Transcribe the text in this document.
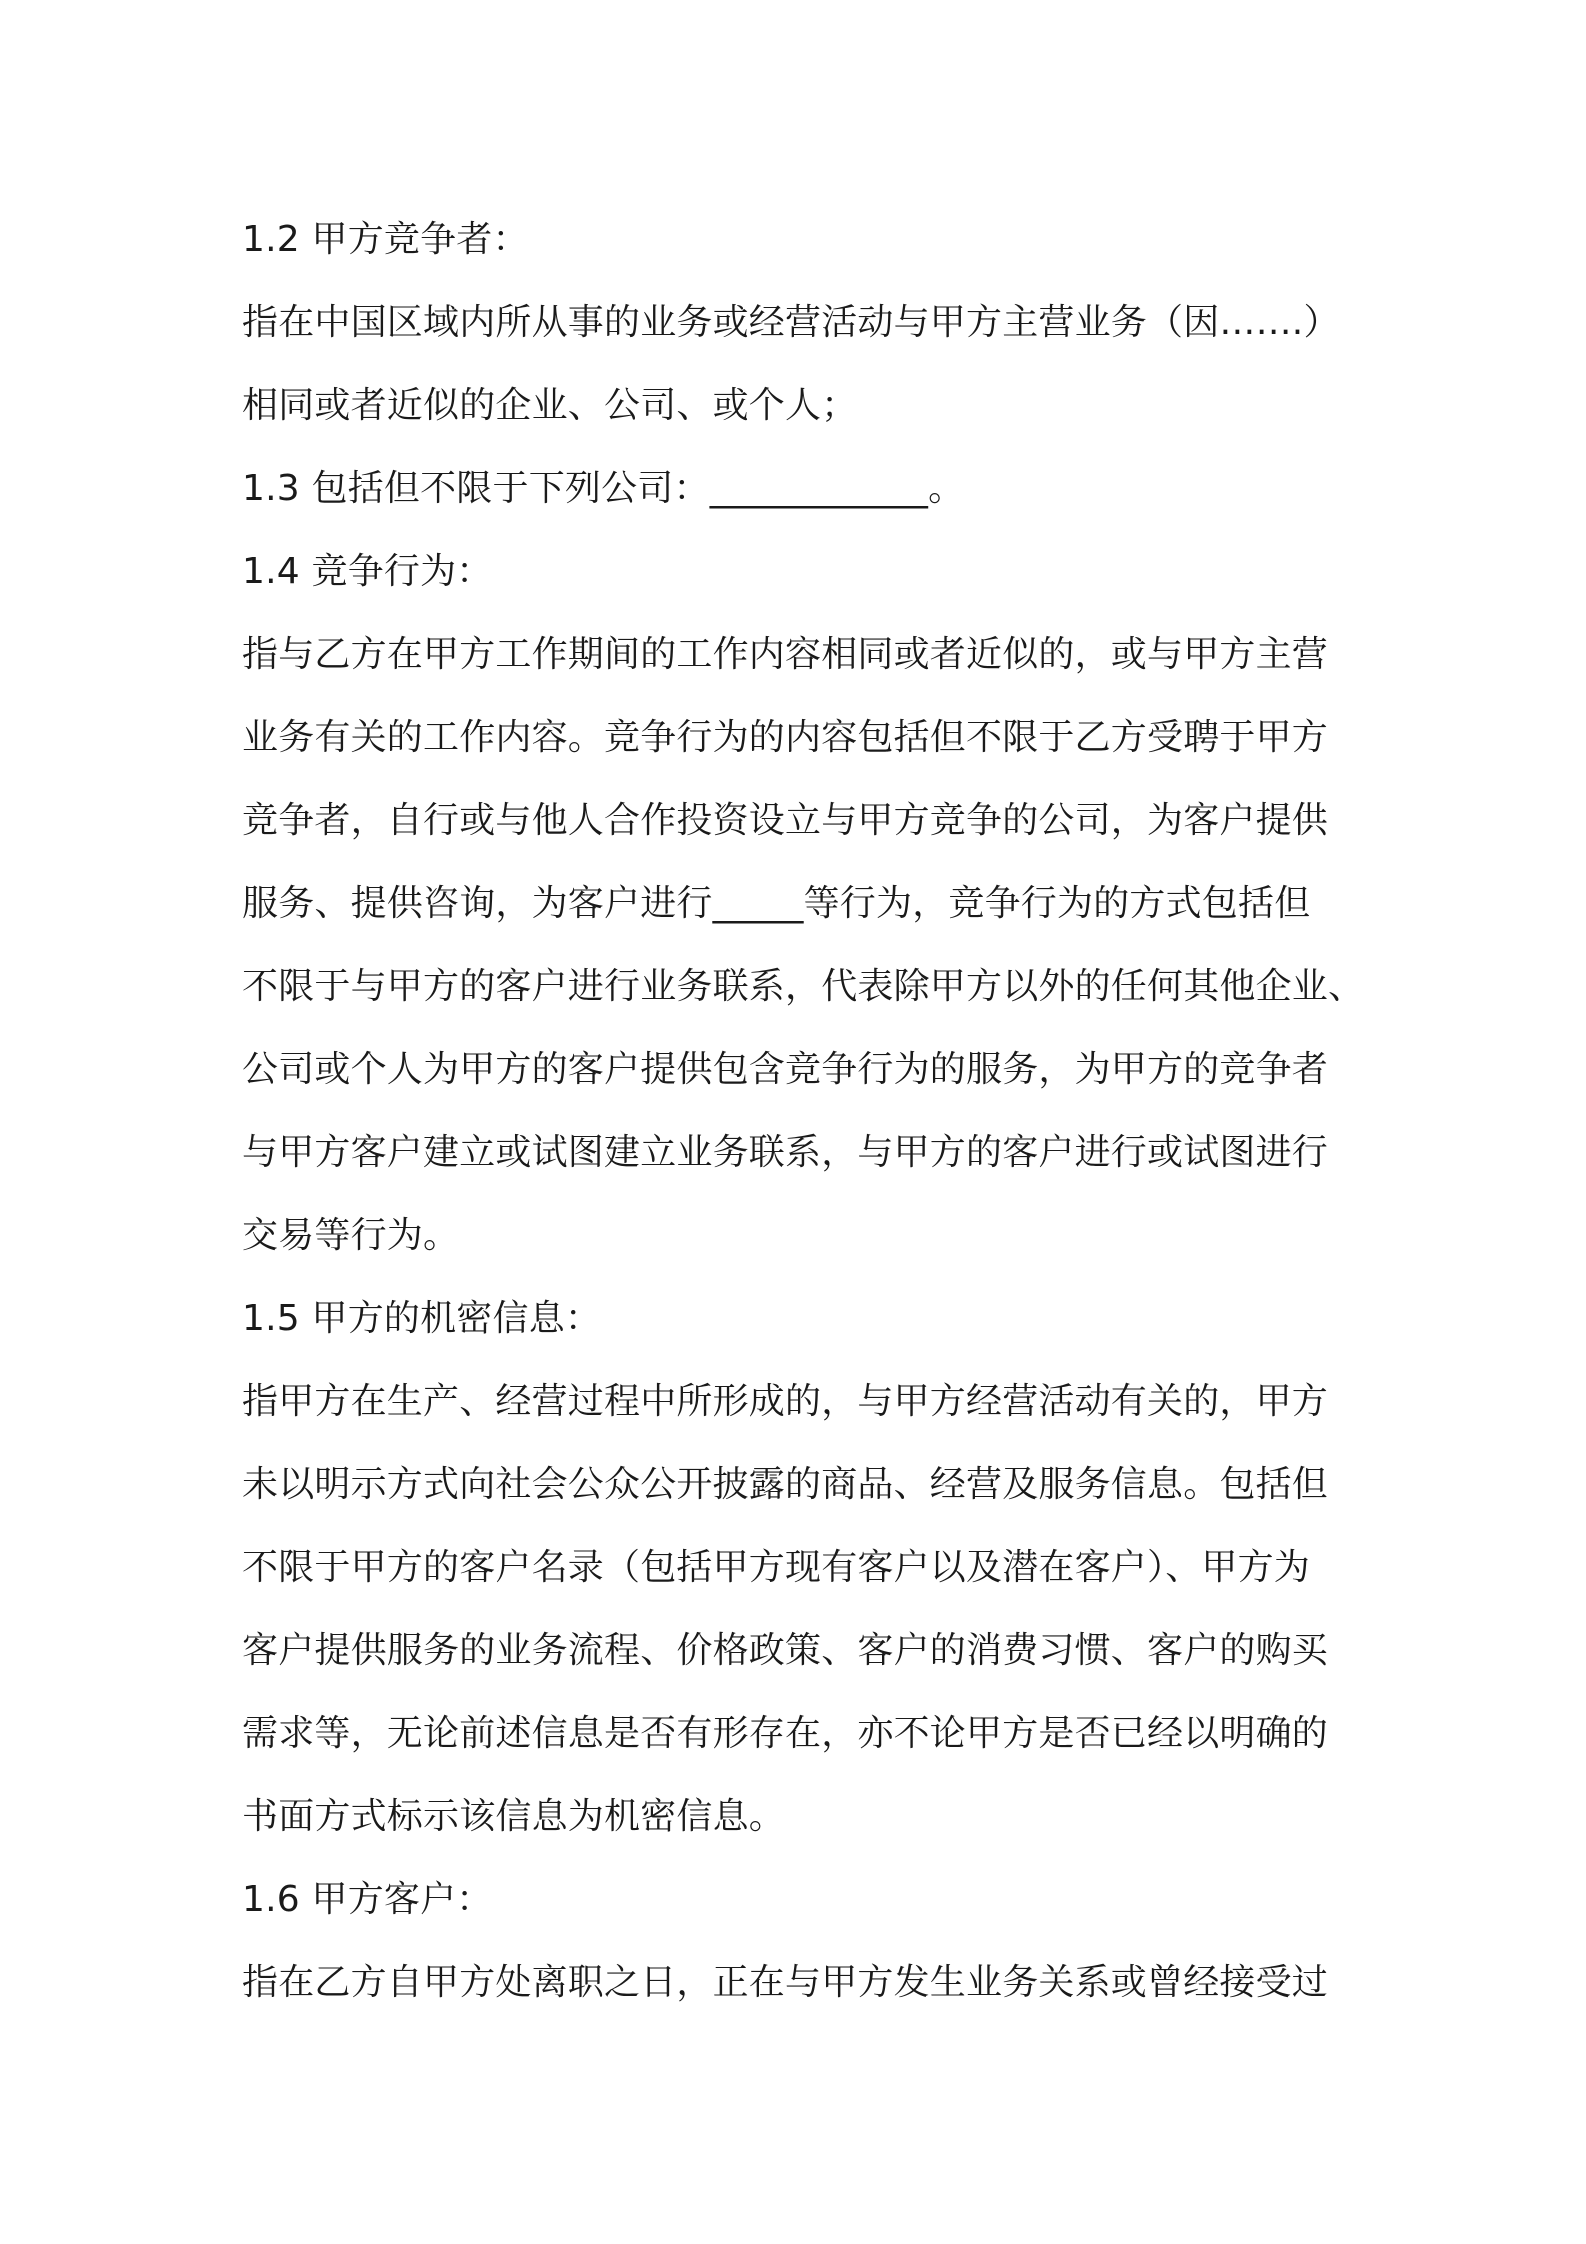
1.2 甲方竞争者：
指在中国区域内所从事的业务或经营活动与甲方主营业务（因…….）
相同或者近似的企业、公司、或个人；
1.3 包括但不限于下列公司：____________。
1.4 竞争行为：
指与乙方在甲方工作期间的工作内容相同或者近似的，或与甲方主营
业务有关的工作内容。竞争行为的内容包括但不限于乙方受聘于甲方
竞争者，自行或与他人合作投资设立与甲方竞争的公司，为客户提供
服务、提供咨询，为客户进行_____等行为，竞争行为的方式包括但
不限于与甲方的客户进行业务联系，代表除甲方以外的任何其他企业、
公司或个人为甲方的客户提供包含竞争行为的服务，为甲方的竞争者
与甲方客户建立或试图建立业务联系，与甲方的客户进行或试图进行
交易等行为。
1.5 甲方的机密信息：
指甲方在生产、经营过程中所形成的，与甲方经营活动有关的，甲方
未以明示方式向社会公众公开披露的商品、经营及服务信息。包括但
不限于甲方的客户名录（包括甲方现有客户以及潜在客户）、甲方为
客户提供服务的业务流程、价格政策、客户的消费习惯、客户的购买
需求等，无论前述信息是否有形存在，亦不论甲方是否已经以明确的
书面方式标示该信息为机密信息。
1.6 甲方客户：
指在乙方自甲方处离职之日，正在与甲方发生业务关系或曾经接受过
